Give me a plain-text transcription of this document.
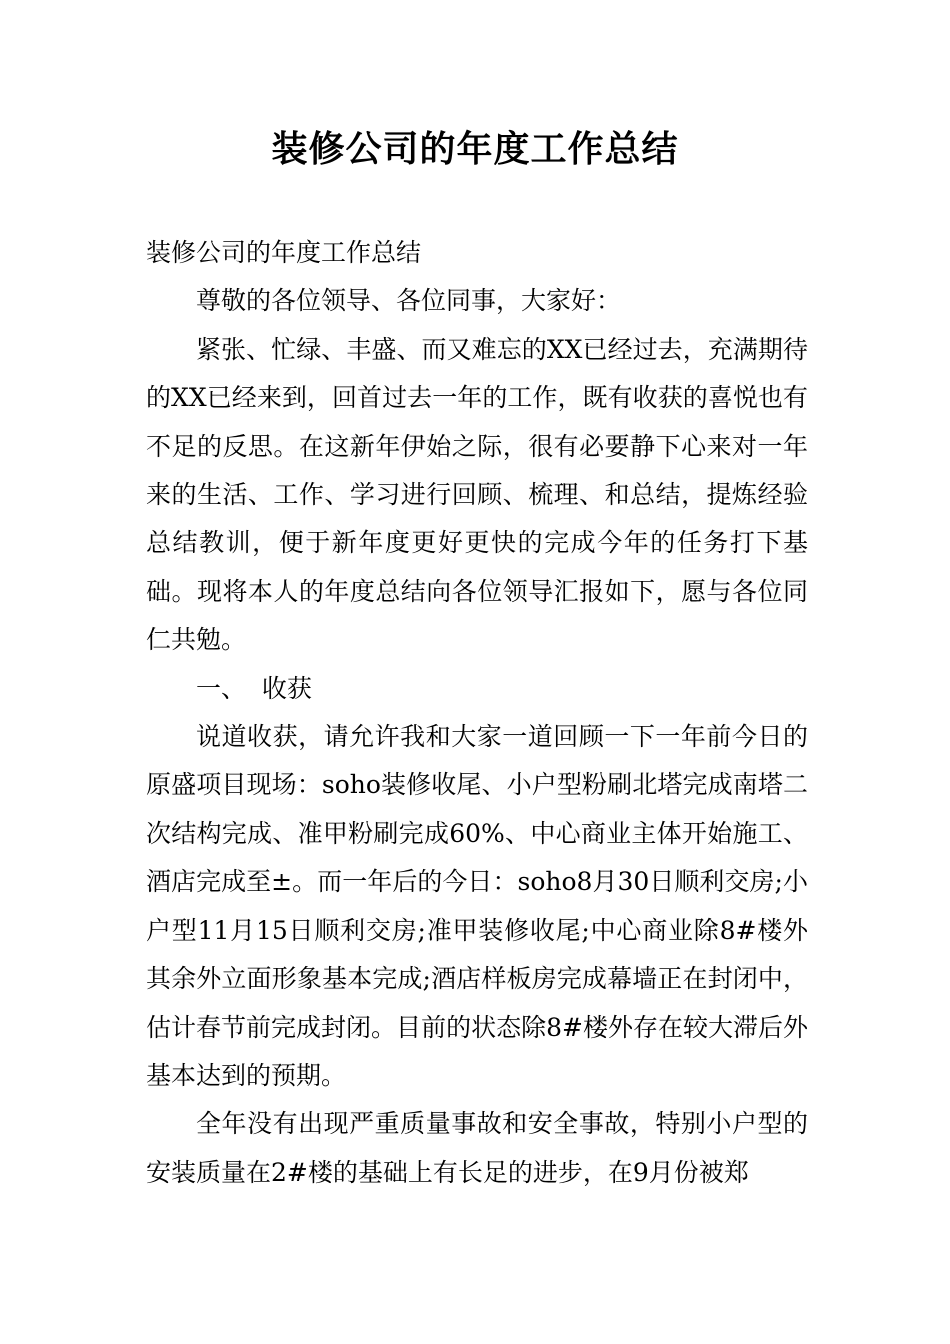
装修公司的年度工作总结

装修公司的年度工作总结

尊敬的各位领导、各位同事，大家好：

紧张、忙绿、丰盛、而又难忘的XX已经过去，充满期待的XX已经来到，回首过去一年的工作，既有收获的喜悦也有不足的反思。在这新年伊始之际，很有必要静下心来对一年来的生活、工作、学习进行回顾、梳理、和总结，提炼经验总结教训，便于新年度更好更快的完成今年的任务打下基础。现将本人的年度总结向各位领导汇报如下，愿与各位同仁共勉。

一、  收获

说道收获，请允许我和大家一道回顾一下一年前今日的原盛项目现场：soho装修收尾、小户型粉刷北塔完成南塔二次结构完成、准甲粉刷完成60%、中心商业主体开始施工、酒店完成至±。而一年后的今日：soho8月30日顺利交房;小户型11月15日顺利交房;准甲装修收尾;中心商业除8#楼外其余外立面形象基本完成;酒店样板房完成幕墙正在封闭中，估计春节前完成封闭。目前的状态除8#楼外存在较大滞后外基本达到的预期。

全年没有出现严重质量事故和安全事故，特别小户型的安装质量在2#楼的基础上有长足的进步，在9月份被郑
